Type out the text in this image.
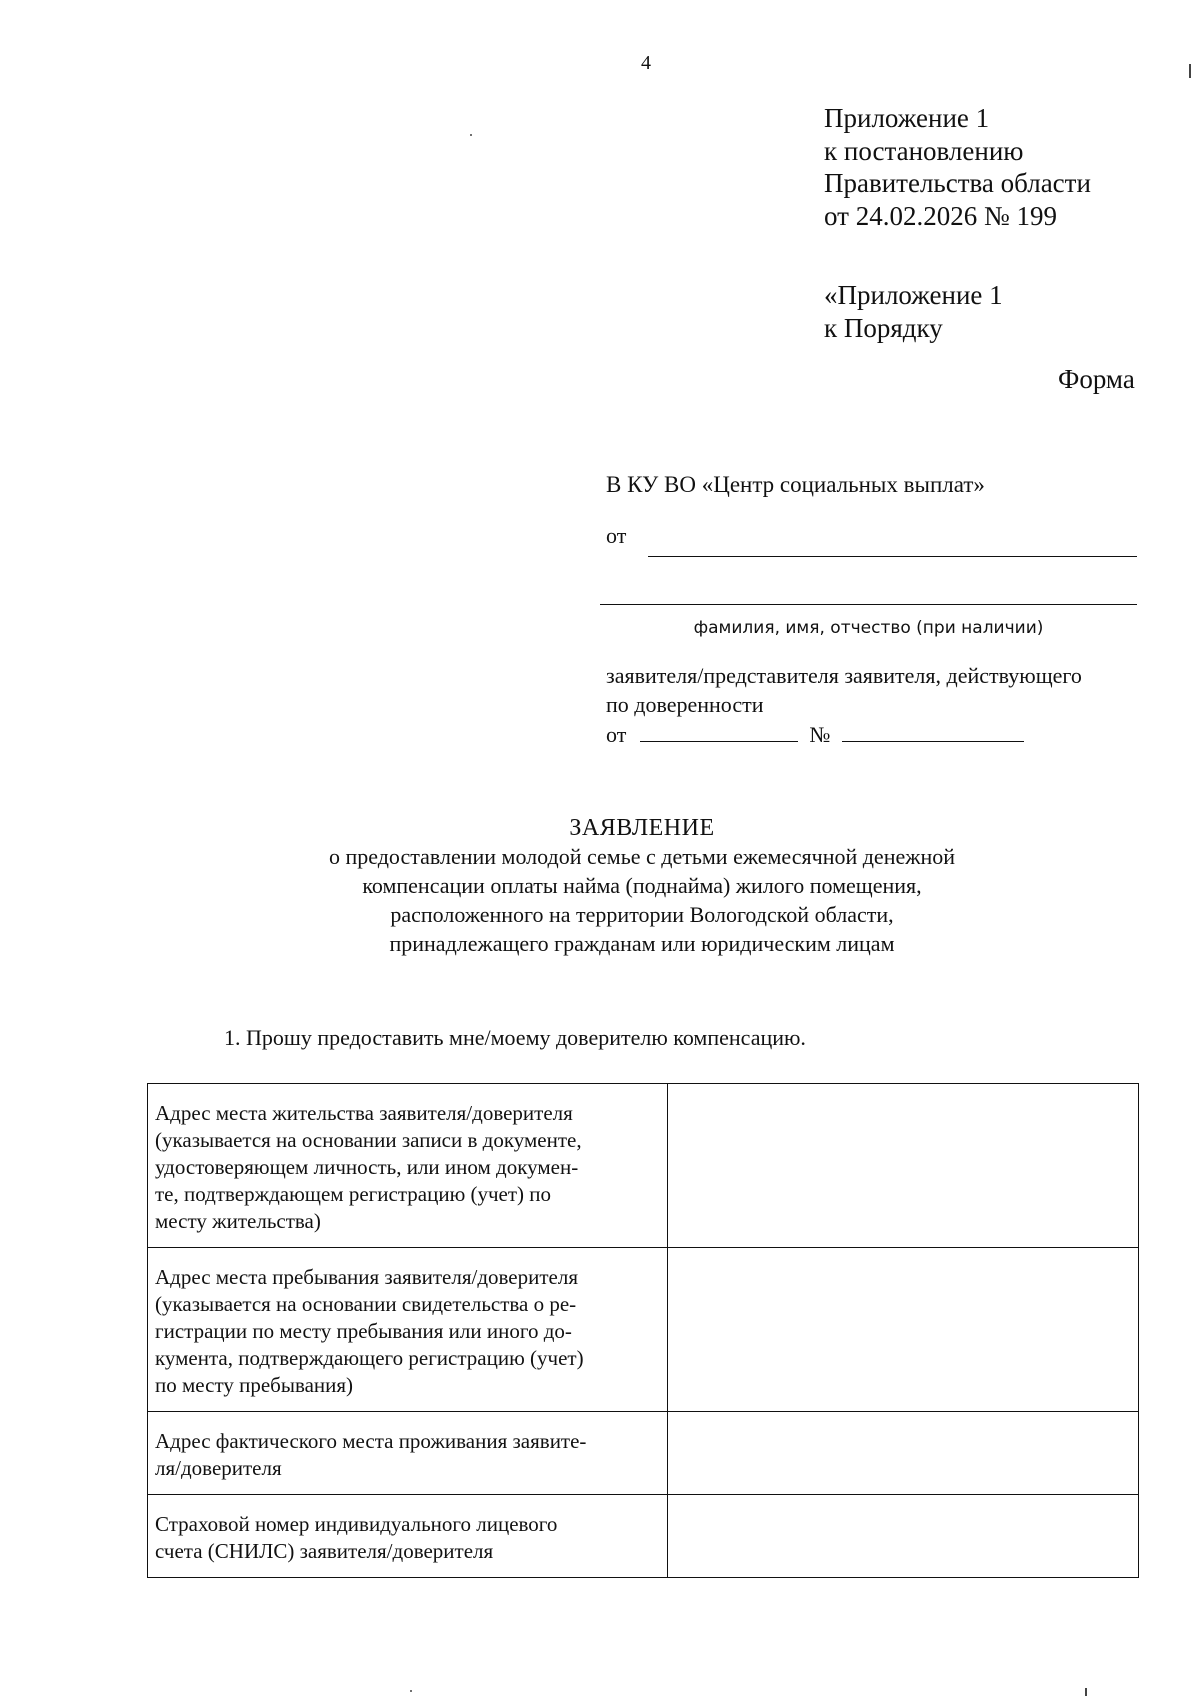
4
Приложение 1
к постановлению
Правительства области
от 24.02.2026 № 199
«Приложение 1
к Порядку
Форма
В КУ ВО «Центр социальных выплат»
от
фамилия, имя, отчество (при наличии)
заявителя/представителя заявителя, действующего
по доверенности
от	№
ЗАЯВЛЕНИЕ
о предоставлении молодой семье с детьми ежемесячной денежной
компенсации оплаты найма (поднайма) жилого помещения,
расположенного на территории Вологодской области,
принадлежащего гражданам или юридическим лицам
1. Прошу предоставить мне/моему доверителю компенсацию.
Адрес места жительства заявителя/доверителя
(указывается на основании записи в документе,
удостоверяющем личность, или ином докумен-
те, подтверждающем регистрацию (учет) по
месту жительства)	

Адрес места пребывания заявителя/доверителя
(указывается на основании свидетельства о ре-
гистрации по месту пребывания или иного до-
кумента, подтверждающего регистрацию (учет)
по месту пребывания)	

Адрес фактического места проживания заявите-
ля/доверителя	

Страховой номер индивидуального лицевого
счета (СНИЛС) заявителя/доверителя	
